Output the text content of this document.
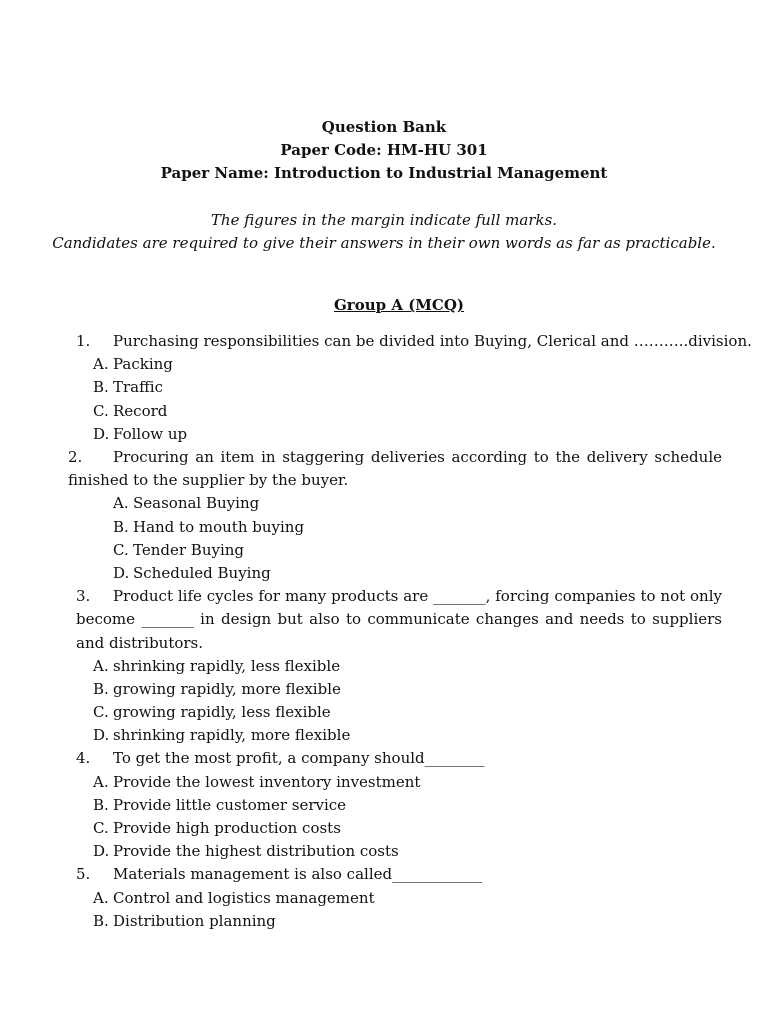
Question Bank
Paper Code: HM-HU 301
Paper Name: Introduction to Industrial Management
The figures in the margin indicate full marks.
Candidates are required to give their answers in their own words as far as practicable.
Group A (MCQ)
1. Purchasing responsibilities can be divided into Buying, Clerical and ………..division.
A. Packing
B. Traffic
C. Record
D. Follow up
2. Procuring an item in staggering deliveries according to the delivery schedule finished to the supplier by the buyer.
A. Seasonal Buying
B. Hand to mouth buying
C. Tender Buying
D. Scheduled Buying
3. Product life cycles for many products are _______, forcing companies to not only become _______ in design but also to communicate changes and needs to suppliers and distributors.
A. shrinking rapidly, less flexible
B. growing rapidly, more flexible
C. growing rapidly, less flexible
D. shrinking rapidly, more flexible
4. To get the most profit, a company should________
A. Provide the lowest inventory investment
B. Provide little customer service
C. Provide high production costs
D. Provide the highest distribution costs
5. Materials management is also called____________
A. Control and logistics management
B. Distribution planning
